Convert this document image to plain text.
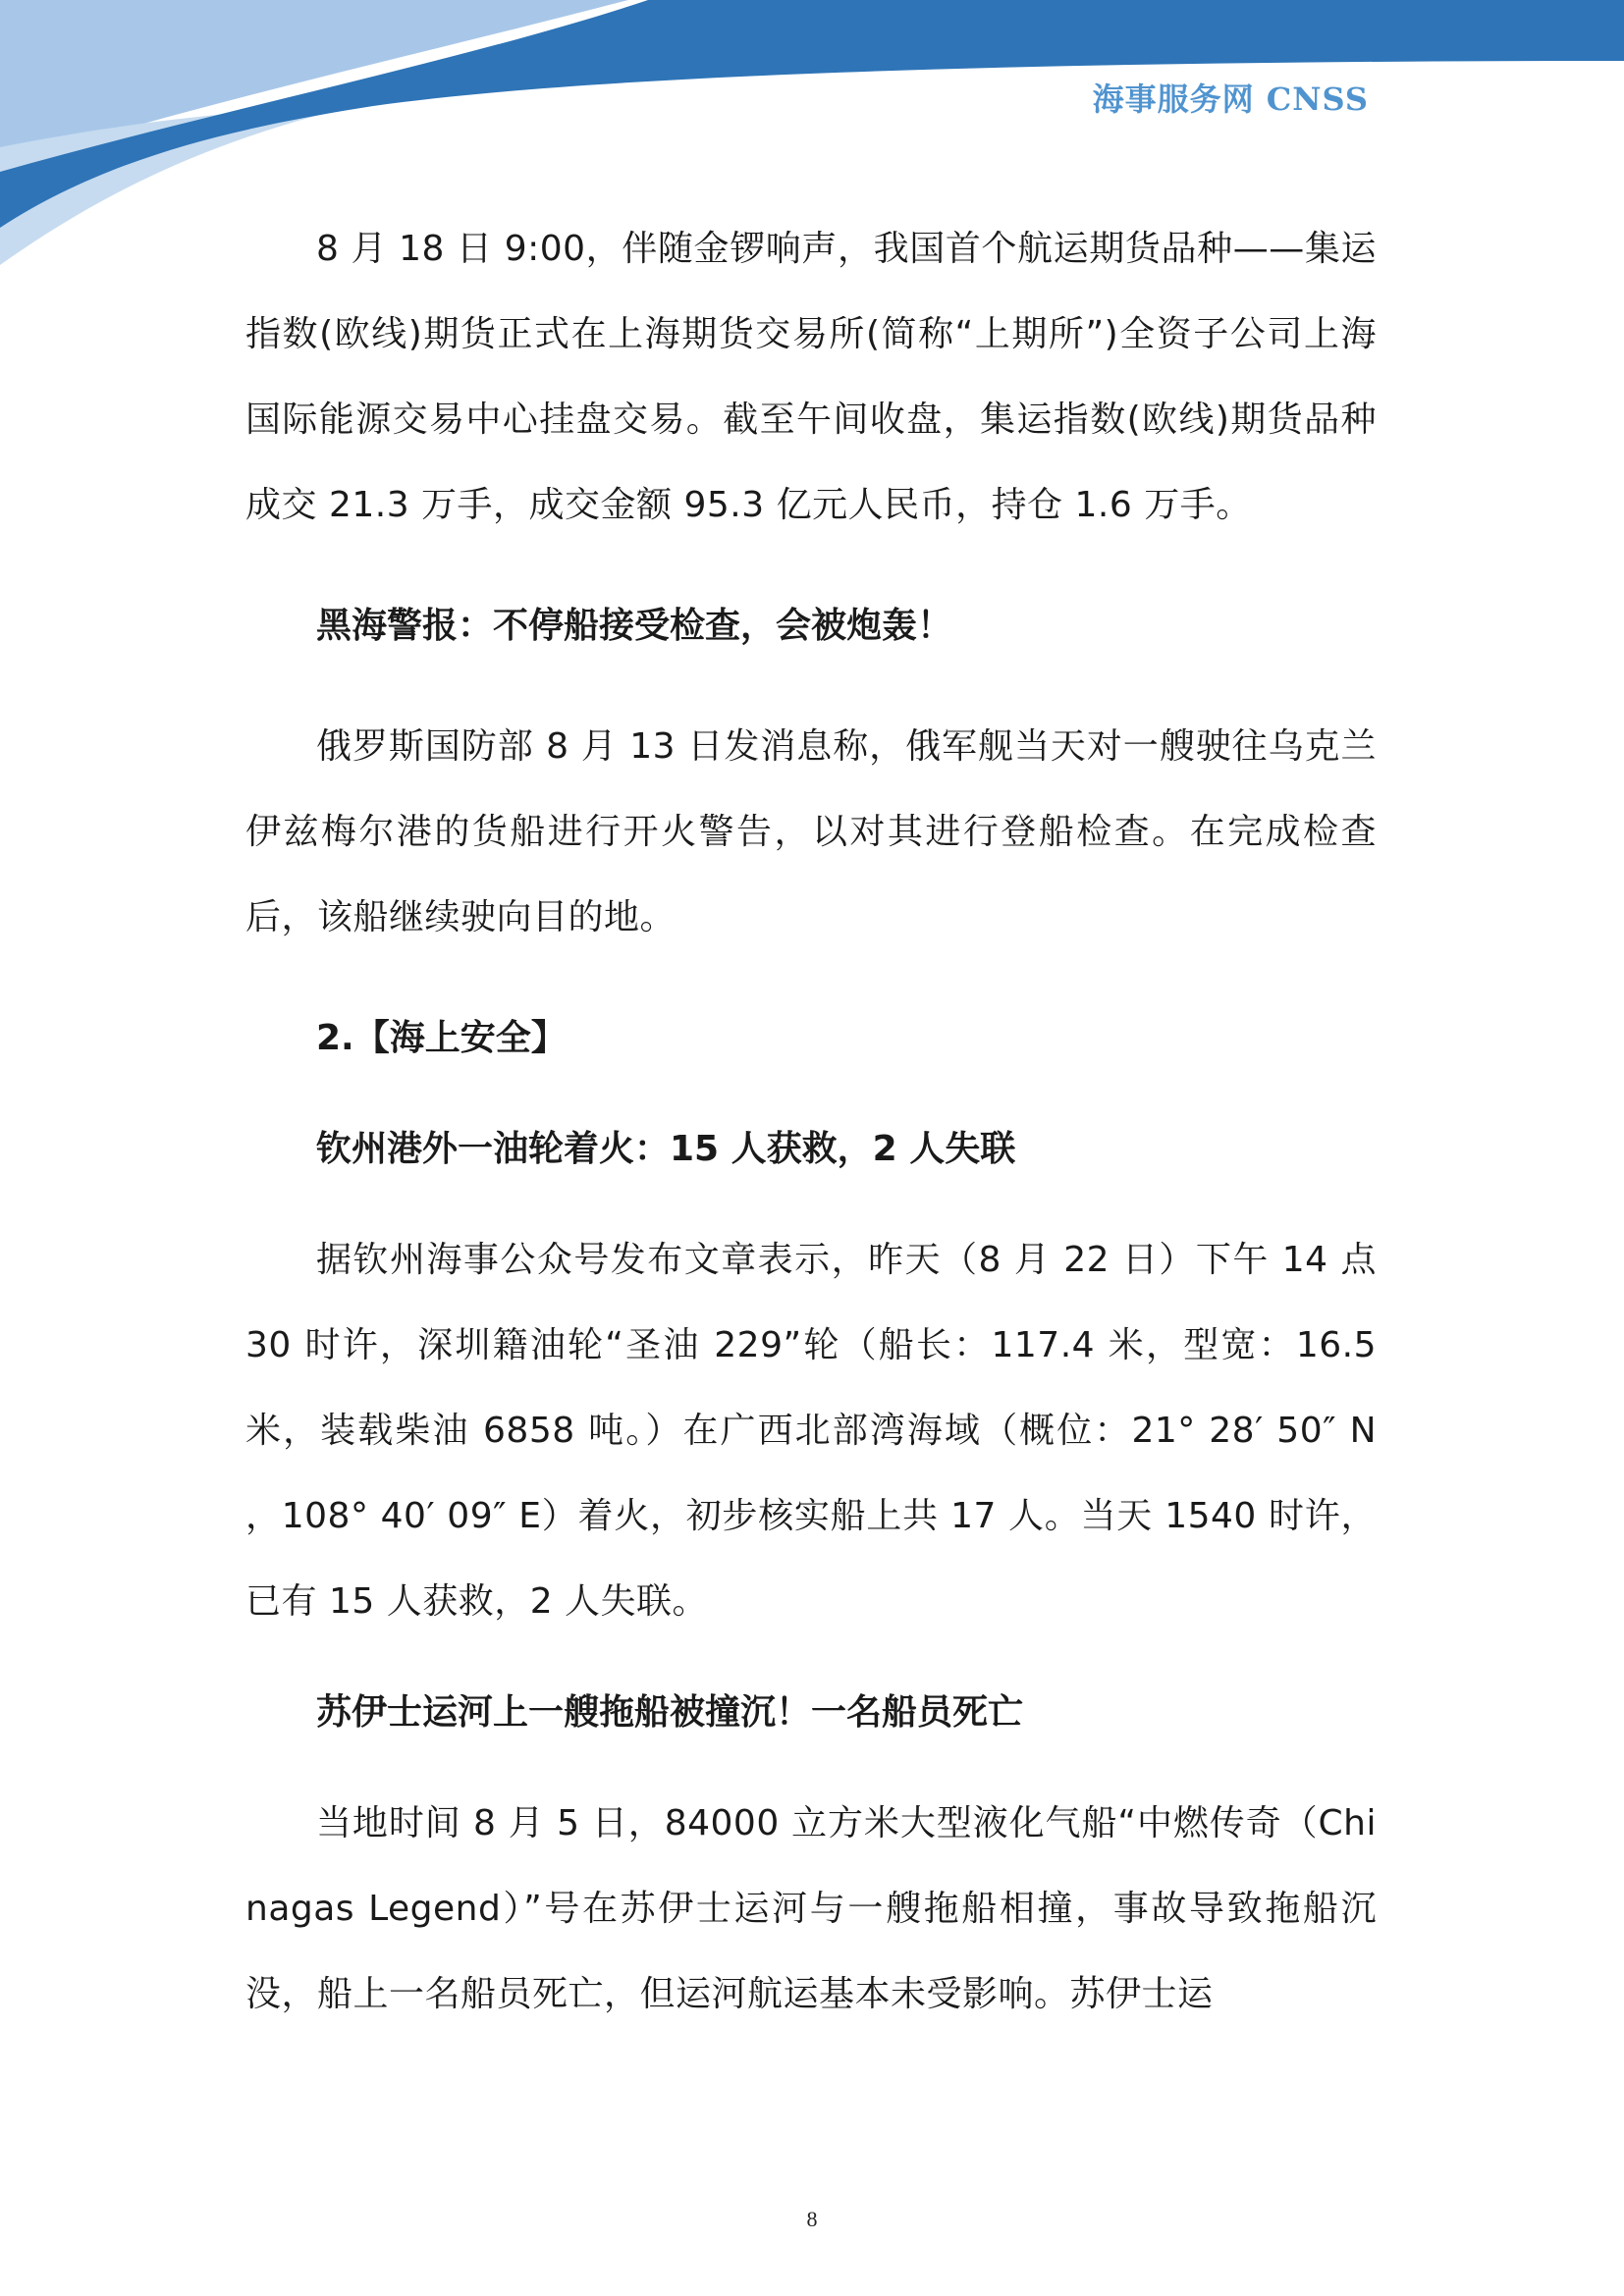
海事服务网 CNSS

8 月 18 日 9:00，伴随金锣响声，我国首个航运期货品种——集运指数(欧线)期货正式在上海期货交易所(简称“上期所”)全资子公司上海国际能源交易中心挂盘交易。截至午间收盘，集运指数(欧线)期货品种成交 21.3 万手，成交金额 95.3 亿元人民币，持仓 1.6 万手。

黑海警报：不停船接受检查，会被炮轰！

俄罗斯国防部 8 月 13 日发消息称，俄军舰当天对一艘驶往乌克兰伊兹梅尔港的货船进行开火警告，以对其进行登船检查。在完成检查后，该船继续驶向目的地。

2.【海上安全】

钦州港外一油轮着火：15 人获救，2 人失联

据钦州海事公众号发布文章表示，昨天（8 月 22 日）下午 14 点 30 时许，深圳籍油轮“圣油 229”轮（船长：117.4 米，型宽：16.5 米，装载柴油 6858 吨。）在广西北部湾海域（概位：21° 28′ 50″ N ，108° 40′ 09″ E）着火，初步核实船上共 17 人。当天 1540 时许，已有 15 人获救，2 人失联。

苏伊士运河上一艘拖船被撞沉！一名船员死亡

当地时间 8 月 5 日，84000 立方米大型液化气船“中燃传奇（Chinagas Legend）”号在苏伊士运河与一艘拖船相撞，事故导致拖船沉没，船上一名船员死亡，但运河航运基本未受影响。苏伊士运

8
